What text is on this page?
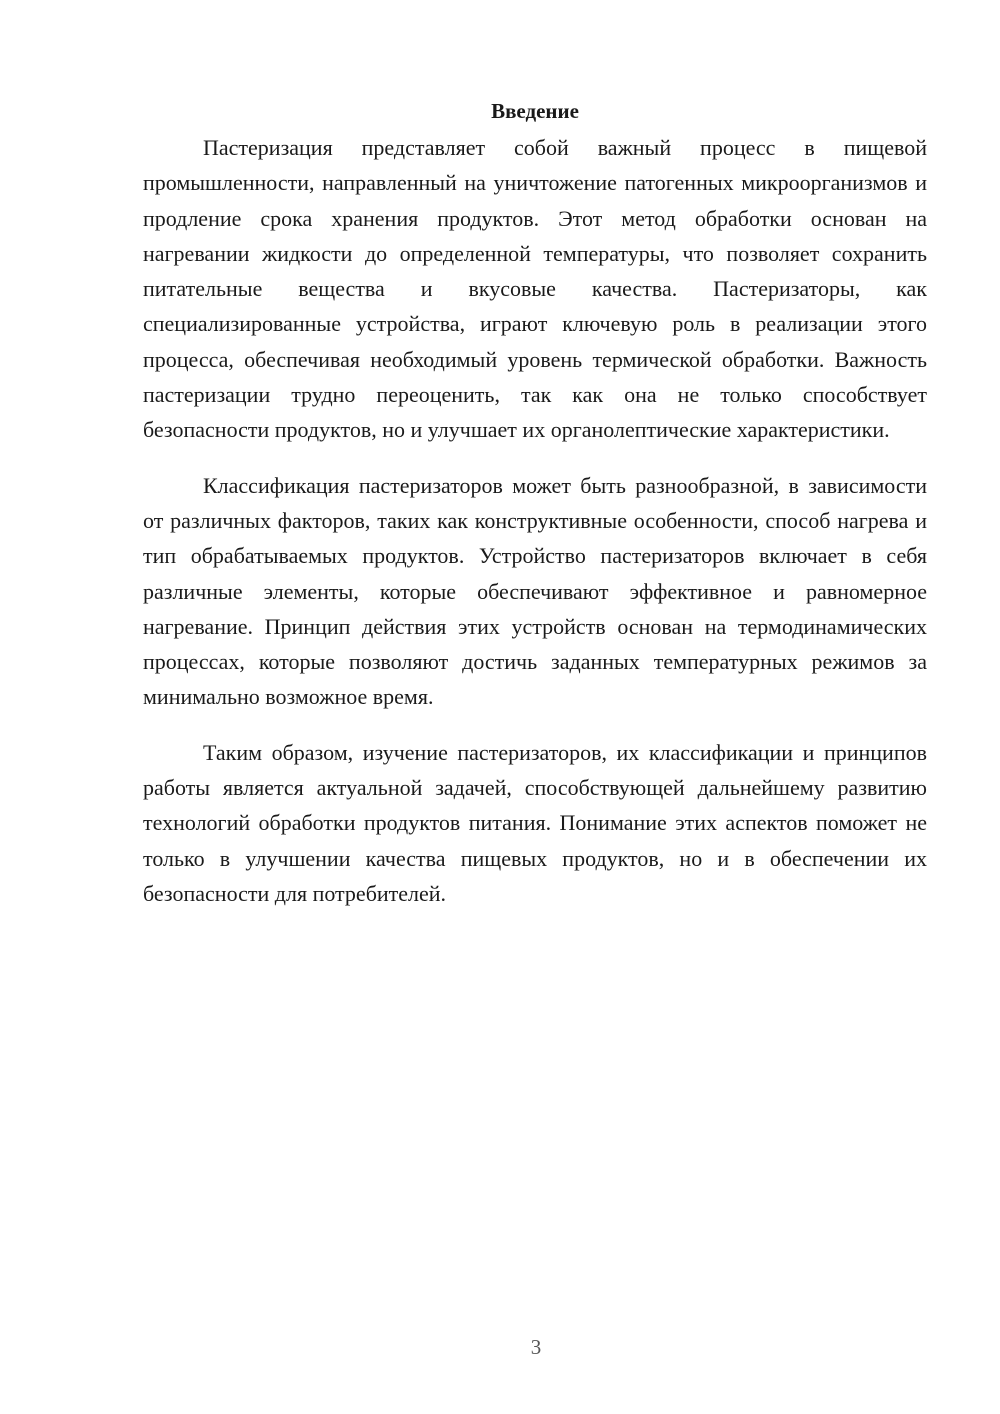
Введение

Пастеризация представляет собой важный процесс в пищевой промышленности, направленный на уничтожение патогенных микроорганизмов и продление срока хранения продуктов. Этот метод обработки основан на нагревании жидкости до определенной температуры, что позволяет сохранить питательные вещества и вкусовые качества. Пастеризаторы, как специализированные устройства, играют ключевую роль в реализации этого процесса, обеспечивая необходимый уровень термической обработки. Важность пастеризации трудно переоценить, так как она не только способствует безопасности продуктов, но и улучшает их органолептические характеристики.

Классификация пастеризаторов может быть разнообразной, в зависимости от различных факторов, таких как конструктивные особенности, способ нагрева и тип обрабатываемых продуктов. Устройство пастеризаторов включает в себя различные элементы, которые обеспечивают эффективное и равномерное нагревание. Принцип действия этих устройств основан на термодинамических процессах, которые позволяют достичь заданных температурных режимов за минимально возможное время.

Таким образом, изучение пастеризаторов, их классификации и принципов работы является актуальной задачей, способствующей дальнейшему развитию технологий обработки продуктов питания. Понимание этих аспектов поможет не только в улучшении качества пищевых продуктов, но и в обеспечении их безопасности для потребителей.

3
